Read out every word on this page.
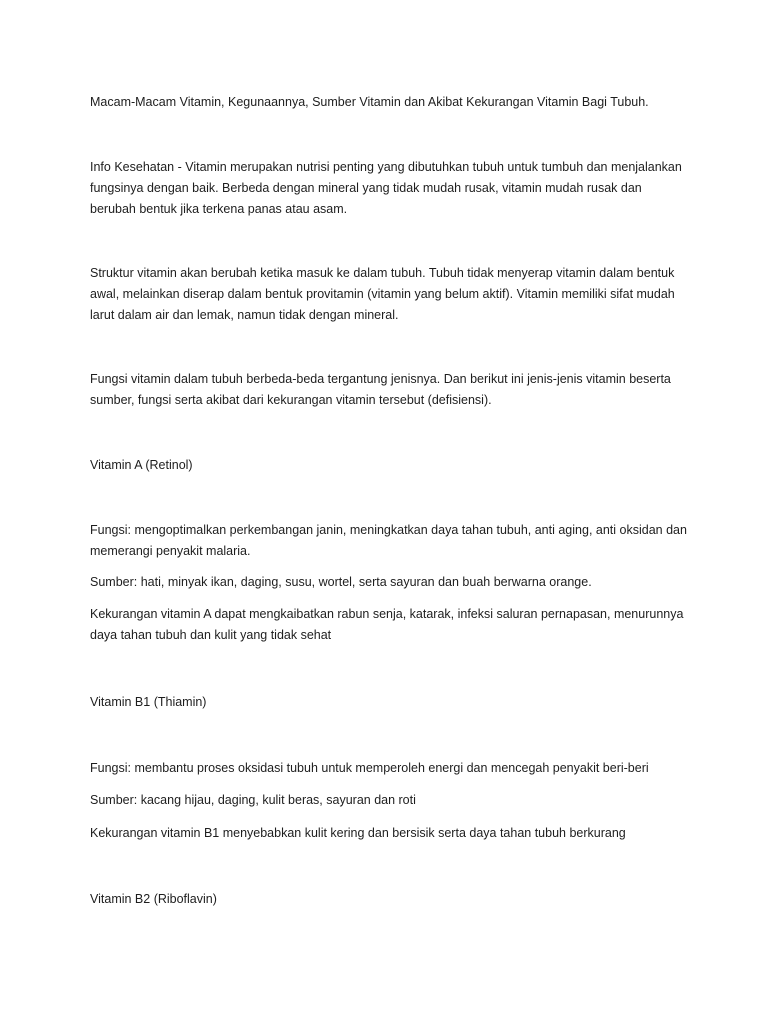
Macam-Macam Vitamin, Kegunaannya, Sumber Vitamin dan Akibat Kekurangan Vitamin Bagi Tubuh.

Info Kesehatan - Vitamin merupakan nutrisi penting yang dibutuhkan tubuh untuk tumbuh dan menjalankan fungsinya dengan baik. Berbeda dengan mineral yang tidak mudah rusak, vitamin mudah rusak dan berubah bentuk jika terkena panas atau asam.

Struktur vitamin akan berubah ketika masuk ke dalam tubuh. Tubuh tidak menyerap vitamin dalam bentuk awal, melainkan diserap dalam bentuk provitamin (vitamin yang belum aktif). Vitamin memiliki sifat mudah larut dalam air dan lemak, namun tidak dengan mineral.

Fungsi vitamin dalam tubuh berbeda-beda tergantung jenisnya. Dan berikut ini jenis-jenis vitamin beserta sumber, fungsi serta akibat dari kekurangan vitamin tersebut (defisiensi).

Vitamin A (Retinol)

Fungsi: mengoptimalkan perkembangan janin, meningkatkan daya tahan tubuh, anti aging, anti oksidan dan memerangi penyakit malaria.

Sumber: hati, minyak ikan, daging, susu, wortel, serta sayuran dan buah berwarna orange.

Kekurangan vitamin A dapat mengkaibatkan rabun senja, katarak, infeksi saluran pernapasan, menurunnya daya tahan tubuh dan kulit yang tidak sehat

Vitamin B1 (Thiamin)

Fungsi: membantu proses oksidasi tubuh untuk memperoleh energi dan mencegah penyakit beri-beri

Sumber: kacang hijau, daging, kulit beras, sayuran dan roti

Kekurangan vitamin B1 menyebabkan kulit kering dan bersisik serta daya tahan tubuh berkurang

Vitamin B2 (Riboflavin)
